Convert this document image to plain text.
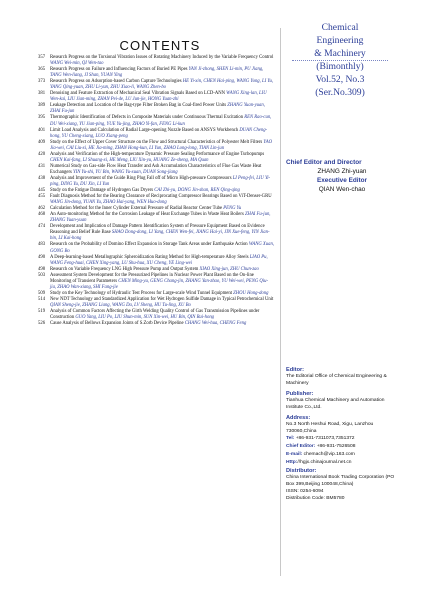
CONTENTS
357 Research Progress on the Torsional Vibration Issues of Rotating Machinery Induced by the Variable Frequency Control WANG Wei-min, QI Wen-tao
365 Research Progress on Failure and Influencing Factors of Buried PE Pipes YAN Ji-zhong, SHEN Li-min, PU Jiang, TANG Wen-liang, JI Shan, YUAN Ying
373 Research Progress on Adsorption-based Carbon Capture Technologies HE Yi-xin, CHEN Hai-ping, WANG Yong, LI Yu, YANG Qing-yuan, ZHU Li-yun, ZHU Xiao-li, WANG Zhen-bo
381 Denoising and Feature Extraction of Mechanical Seal Vibration Signals Based on LCD-ANN WANG Xing-lan, LIU Wen-kai, LIU Jian-ming, ZHAN Pei-de, LU Jun-jie, HONG Yuan-zhi
389 Leakage Detection and Location of the Bag-type Filter Broken Bag in Coal-fired Power Units ZHANG Yuan-yuan, ZHAI Fu-jun
395 Thermographic Identification of Defects in Composite Materials under Continuous Thermal Excitation REN Rao-cun, DU Wei-xiang, YU Jian-ping, YUE Yu-jing, ZHAO Yi-fan, FENG Li-kun
401 Limit Load Analysis and Calculation of Radial Large-opening Nozzle Based on ANSYS Workbench DUAN Cheng-hong, YU Cheng-xiang, LUO Xiang-peng
409 Study on the Effect of Upper Cover Structure on the Flow and Structural Characteristics of Polyester Melt Filters YAO Jia-wei, CAI Liu-xi, HE Jia-ming, ZHAN Hong-kun, LI Yun, ZHAO Long-long, TIAN Lin-jun
420 Analysis and Verification of the High-temperature Dynamic Pressure Sealing Performance of Engine Turbopumps CHEN Kai-fang, LI Shuang-xi, HE Meng, LIU Xin-yu, HUANG Ze-sheng, MA Quan
431 Numerical Study on Gas-side Flow Heat Transfer and Ash Accumulation Characteristics of Flue Gas Waste Heat Exchangers YIN Yu-shi, YU Bin, WANG Yu-xuan, DUAN Song-jiang
438 Analysis and Improvement of the Guide Ring Plug Fall off of Micro High-pressure Compressors LI Peng-fei, LIU Yi-ping, DING Yu, DU Xin, LI Yun
445 Study on the Fatigue Damage of Hydrogen Gas Dryers CAI Zhi-yu, DONG Jin-shan, REN Qing-qing
455 Fault Diagnosis Method for the Bearing Clearance of Reciprocating Compressor Bearings Based on ViT-Denser-GRU WANG Jin-dong, YUAN Yu, ZHAO Hai-yang, WEN Huo-dong
462 Calculation Method for the Inner Cylinder External Pressure of Radial Reactor Center Tube PENG Yu
468 An Auto-monitoring Method for the Corrosion Leakage of Heat Exchange Tubes in Waste Heat Boilers ZHAI Fu-jun, ZHANG Yuan-yuan
474 Development and Implication of Damage Pattern Identification System of Pressure Equipment Based on Evidence Reasoning and Belief Rule Base SHAO Dong-dong, LI Yang, CHEN Wen-fei, JIANG Hai-yi, JIN Xue-feng, YIN Jian-bin, LI Kai-hong
483 Research on the Probability of Domino Effect Expansion in Storage Tank Areas under Earthquake Action WANG Xuan, GONG Bo
490 A Deep-learning-based Metallographic Spheroidization Rating Method for High-temperature Alloy Steels LIAO Pu, WANG Feng-huai, CHEN Xing-yang, LU Shu-hua, XU Cheng, YE Ling-wei
498 Research on Variable Frequency LNG High Pressure Pump and Output System XIAO Xing-jun, ZHU Chun-zao
503 Assessment System Development for the Pressurized Pipelines in Nuclear Power Plant Based on the On-line Monitoring of Transient Parameters CHEN Ming-yu, GENG Chang-jin, ZHANG Yan-zhao, YU Wei-wei, PENG Qiu-jia, ZHAO Wan-xiang, SHI Fang-jie
509 Study on the Key Technology of Hydraulic Test Process for Large-scale Wind Tunnel Equipment ZHOU Hong-dong
514 New NDT Technology and Standardized Application for Wet Hydrogen Sulfide Damage in Typical Petrochemical Unit QIAN Sheng-jie, ZHANG Liang, WANG Da, LV Sheng, HU Tu-ling, XU Bo
519 Analysis of Common Factors Affecting the Girth Welding Quality Control of Gas Transmission Pipelines under Construction GUO Yang, LIU Po, LIU Shun-min, SUN Xin-wei, HU Bin, QIN Rui-hong
526 Cause Analysis of Bellows Expansion Joints of S.Zorb Device Pipeline CHANG Wei-hua, CHENG Feng
Chemical
Engineering
& Machinery
(Bimonthly)
Vol.52, No.3
(Ser.No.309)
Chief Editor and Director
ZHANG Zhi-yuan
Executive Editor
QIAN Wen-chao
Editor:
The Editorial Office of Chemical Engineering & Machinery
Publisher:
Tianhua Chemical Machinery and Automation Institute Co.,Ltd.
Address:
No.3 North Heshui Road, Xigu, Lanzhou 730060,China
Tel: +86-931-7311073,7351372
Chief Editor: +86-931-7526508
E-mail: chemach@vip.163.com
Http://hgjx.chinajournal.net.cn
Distributor:
China International Book Trading Corporation (PO Box 399,Beijing 100048,China)
ISSN: 0254-6094
Distribution Code: BM5780
